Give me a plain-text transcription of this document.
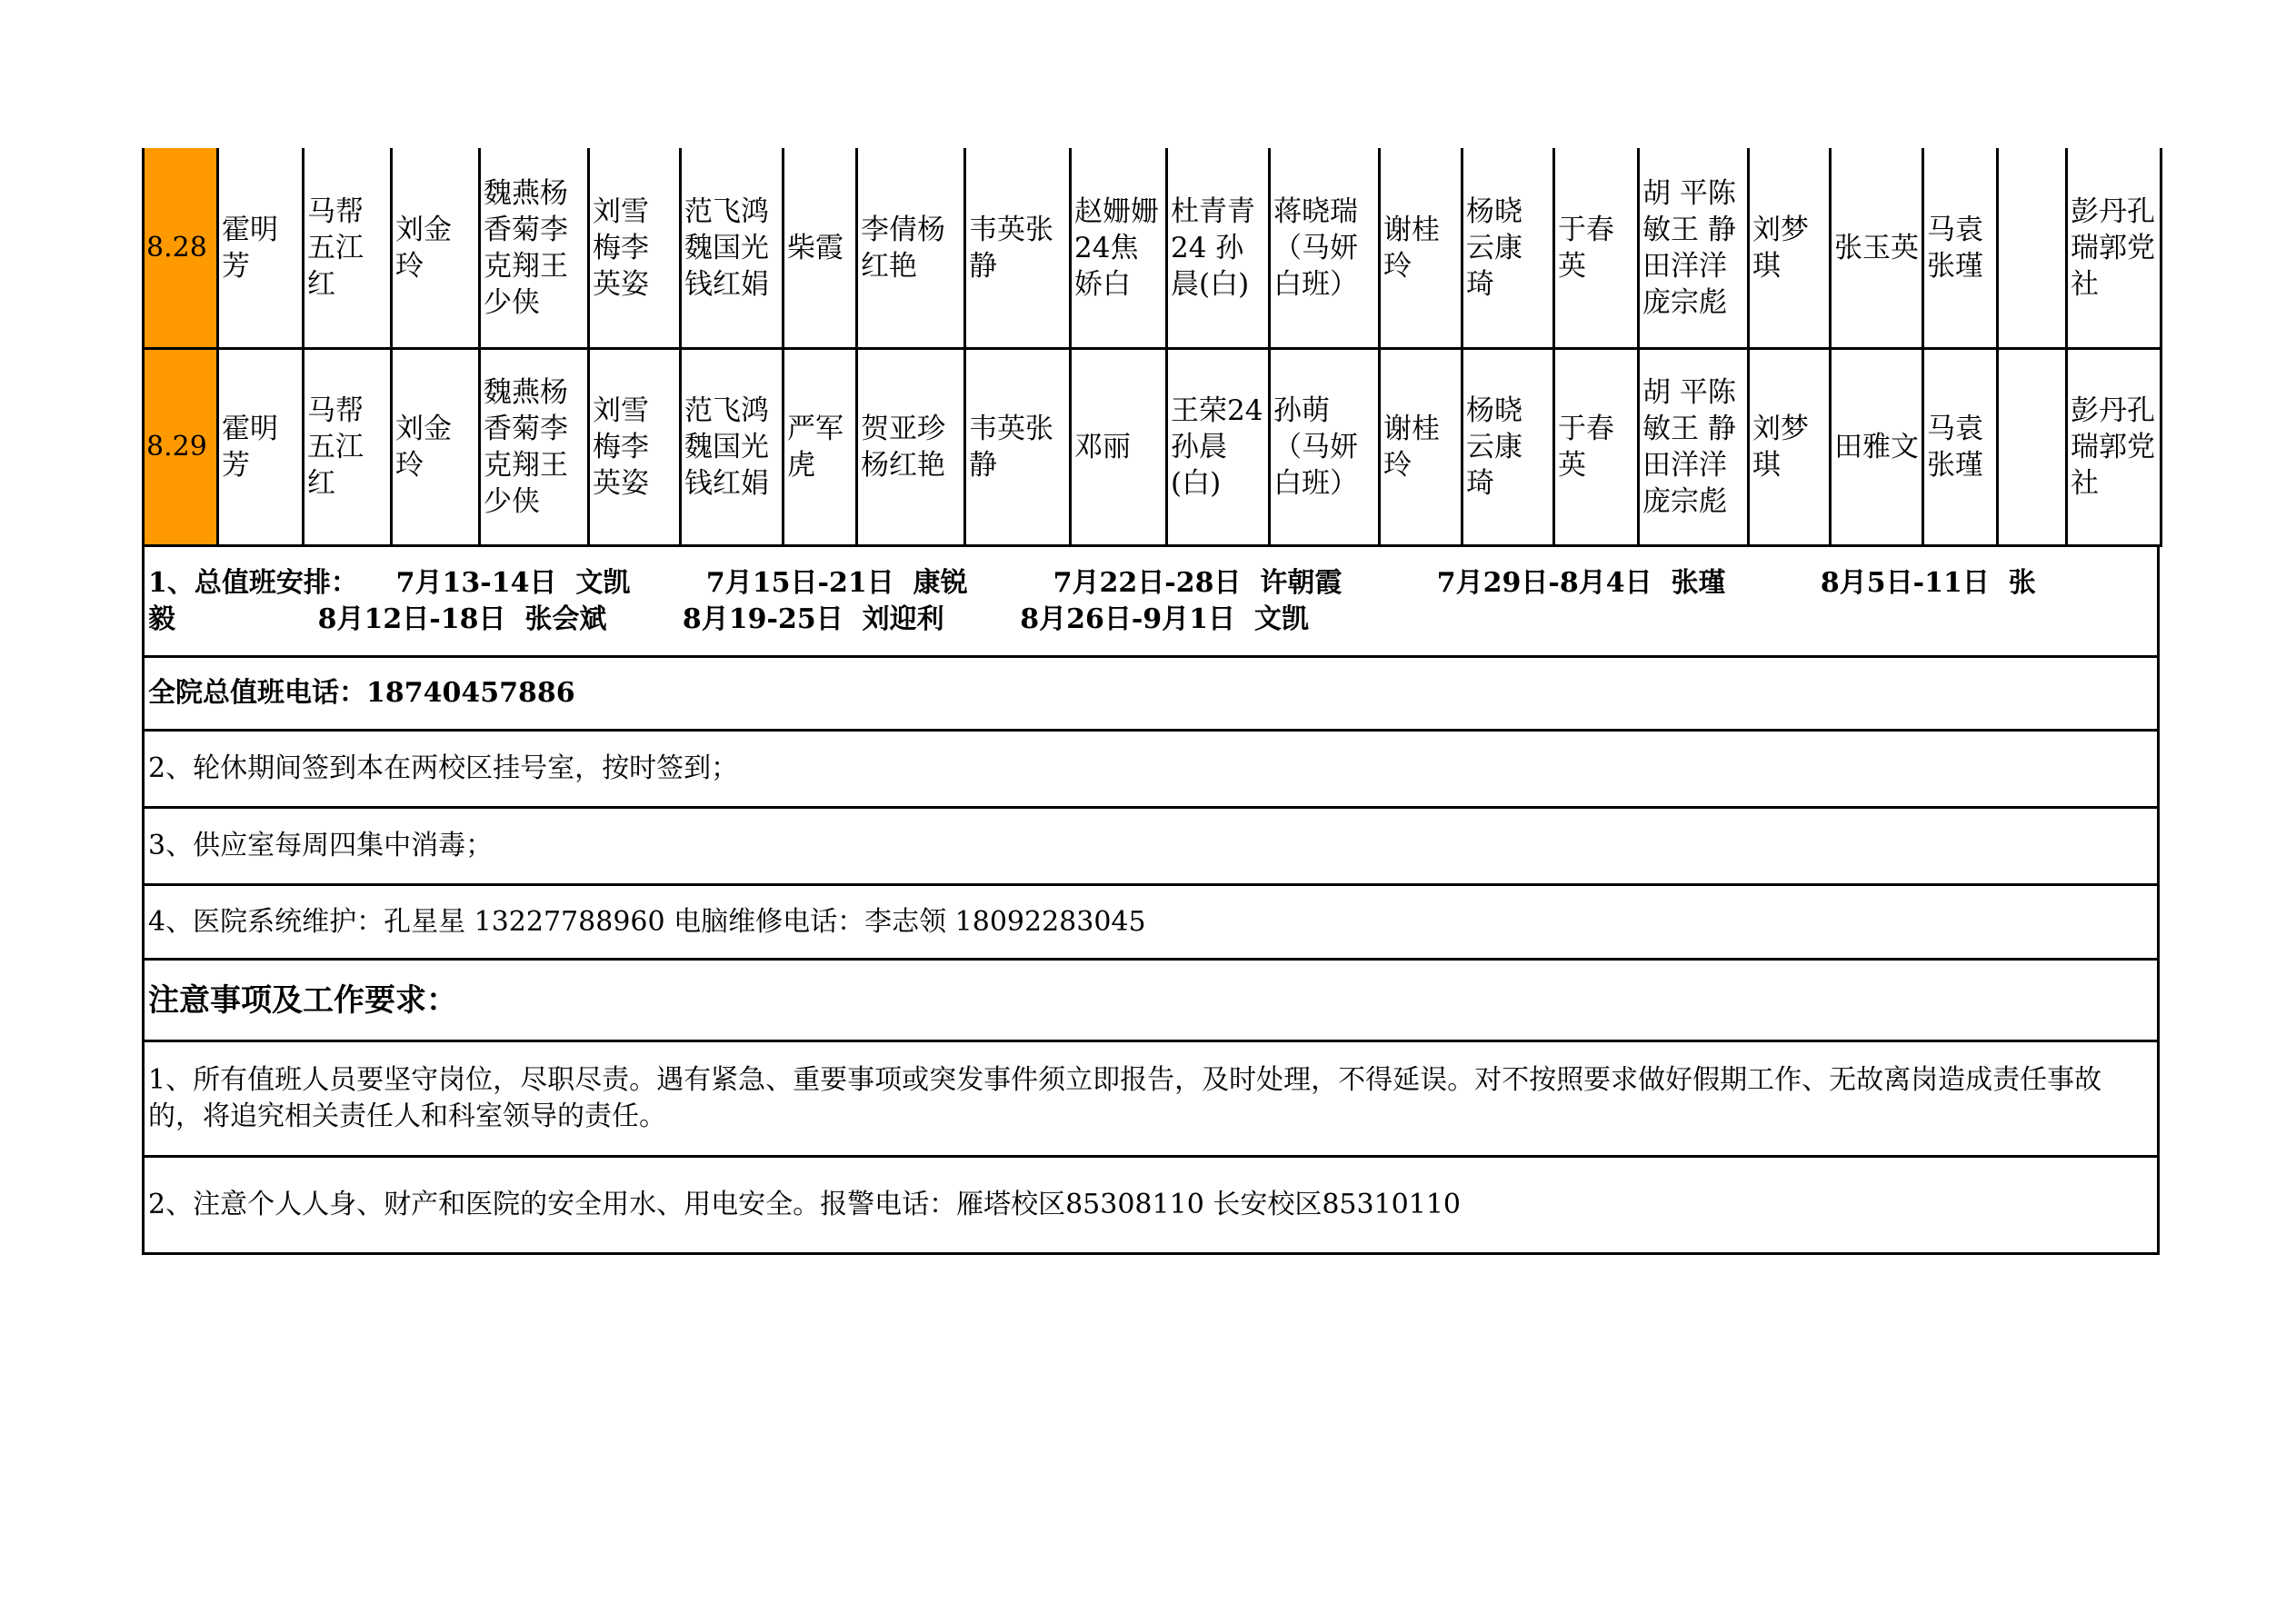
8.28	霍明芳	马帮五江红	刘金玲	魏燕杨香菊李克翔王少侠	刘雪梅李英姿	范飞鸿魏国光钱红娟	柴霞	李倩杨红艳	韦英张静	赵姗姗24焦娇白	杜青青24 孙晨(白)	蒋晓瑞（马妍白班）	谢桂玲	杨晓云康琦	于春英	胡 平陈 敏王 静田洋洋庞宗彪	刘梦琪	张玉英	马袁张瑾		彭丹孔瑞郭党社
8.29	霍明芳	马帮五江红	刘金玲	魏燕杨香菊李克翔王少侠	刘雪梅李英姿	范飞鸿魏国光钱红娟	严军虎	贺亚珍杨红艳	韦英张静	邓丽	王荣24孙晨(白)	孙萌（马妍白班）	谢桂玲	杨晓云康琦	于春英	胡 平陈 敏王 静田洋洋庞宗彪	刘梦琪	田雅文	马袁张瑾		彭丹孔瑞郭党社
1、总值班安排：    7月13-14日  文凯        7月15日-21日  康锐         7月22日-28日  许朝霞          7月29日-8月4日  张瑾          8月5日-11日  张
毅               8月12日-18日  张会斌        8月19-25日  刘迎利        8月26日-9月1日  文凯
全院总值班电话：18740457886
2、轮休期间签到本在两校区挂号室，按时签到；
3、供应室每周四集中消毒；
4、医院系统维护：孔星星 13227788960 电脑维修电话：李志领 18092283045
注意事项及工作要求：
1、所有值班人员要坚守岗位，尽职尽责。遇有紧急、重要事项或突发事件须立即报告，及时处理，不得延误。对不按照要求做好假期工作、无故离岗造成责任事故的，将追究相关责任人和科室领导的责任。
2、注意个人人身、财产和医院的安全用水、用电安全。报警电话：雁塔校区85308110 长安校区85310110
